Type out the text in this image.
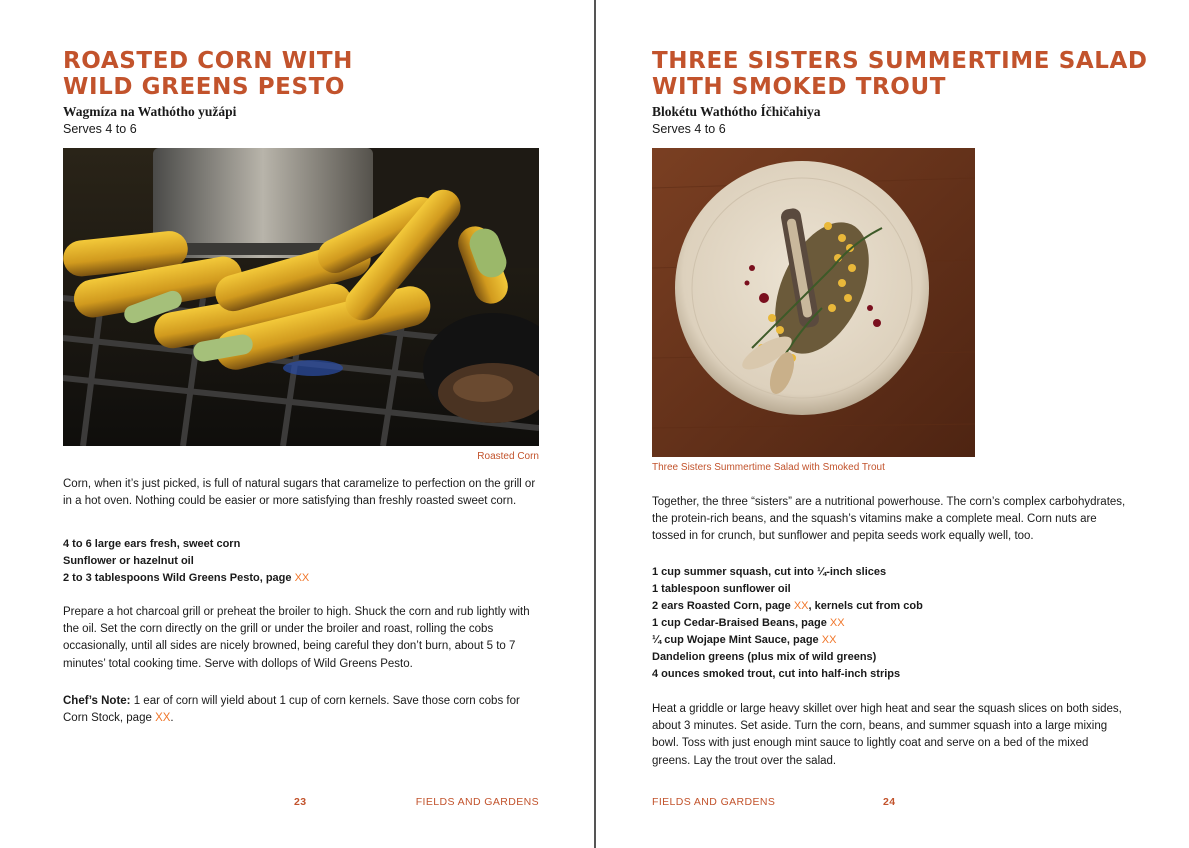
ROASTED CORN WITH
WILD GREENS PESTO
Wagmíza na Wathóthо yužápi
Serves 4 to 6
Roasted Corn

Corn, when it’s just picked, is full of natural sugars that caramelize to perfection on the grill or in a hot oven. Nothing could be easier or more satisfying than freshly roasted sweet corn.

4 to 6 large ears fresh, sweet corn
Sunflower or hazelnut oil
2 to 3 tablespoons Wild Greens Pesto, page XX

Prepare a hot charcoal grill or preheat the broiler to high. Shuck the corn and rub lightly with the oil. Set the corn directly on the grill or under the broiler and roast, rolling the cobs occasionally, until all sides are nicely browned, being careful they don’t burn, about 5 to 7 minutes’ total cooking time. Serve with dollops of Wild Greens Pesto.

Chef’s Note: 1 ear of corn will yield about 1 cup of corn kernels. Save those corn cobs for Corn Stock, page XX.

23	FIELDS AND GARDENS
THREE SISTERS SUMMERTIME SALAD
WITH SMOKED TROUT
Blokétu Wathóthо Íčhičahiya
Serves 4 to 6
Three Sisters Summertime Salad with Smoked Trout

Together, the three “sisters” are a nutritional powerhouse. The corn’s complex carbohydrates, the protein-rich beans, and the squash’s vitamins make a complete meal. Corn nuts are tossed in for crunch, but sunflower and pepita seeds work equally well, too.

1 cup summer squash, cut into ¼-inch slices
1 tablespoon sunflower oil
2 ears Roasted Corn, page XX, kernels cut from cob
1 cup Cedar-Braised Beans, page XX
¼ cup Wojape Mint Sauce, page XX
Dandelion greens (plus mix of wild greens)
4 ounces smoked trout, cut into half-inch strips

Heat a griddle or large heavy skillet over high heat and sear the squash slices on both sides, about 3 minutes. Set aside. Turn the corn, beans, and summer squash into a large mixing bowl. Toss with just enough mint sauce to lightly coat and serve on a bed of the mixed greens. Lay the trout over the salad.

FIELDS AND GARDENS	24
